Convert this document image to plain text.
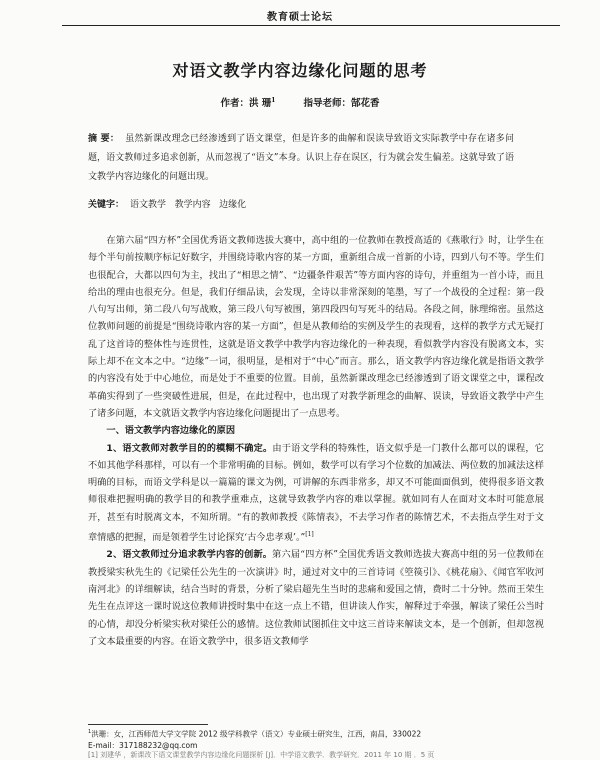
教育硕士论坛
对语文教学内容边缘化问题的思考
作者：洪 珊$^1$	指导老师：郜花香
摘 要： 虽然新课改理念已经渗透到了语文课堂，但是许多的曲解和误读导致语文实际教学中存在诸多问题，语文教师过多追求创新，从而忽视了“语文”本身。认识上存在误区，行为就会发生偏差。这就导致了语文教学内容边缘化的问题出现。
关键字： 语文教学   教学内容   边缘化

在第六届“四方杯”全国优秀语文教师选拔大赛中，高中组的一位教师在教授高适的《燕歌行》时，让学生在每个半句前按顺序标记好数字，并围绕诗歌内容的某一方面，重新组合成一首新的小诗，四到八句不等。学生们也很配合，大都以四句为主，找出了“相思之情”、“边疆条件艰苦”等方面内容的诗句，并重组为一首小诗，而且给出的理由也很充分。但是，我们仔细品读，会发现，全诗以非常深刻的笔墨，写了一个战役的全过程：第一段八句写出师，第二段八句写战败，第三段八句写被围，第四段四句写死斗的结局。各段之间，脉理绵密。虽然这位教师问题的前提是“围绕诗歌内容的某一方面”，但是从教师给的实例及学生的表现看，这样的教学方式无疑打乱了这首诗的整体性与连贯性，这就是语文教学中教学内容边缘化的一种表现，看似教学内容没有脱离文本，实际上却不在文本之中。“边缘”一词，很明显，是相对于“中心”而言。那么，语文教学内容边缘化就是指语文教学的内容没有处于中心地位，而是处于不重要的位置。目前，虽然新课改理念已经渗透到了语文课堂之中，课程改革确实得到了一些突破性进展，但是，在此过程中，也出现了对教学新理念的曲解、误读，导致语文教学中产生了诸多问题，本文就语文教学内容边缘化问题提出了一点思考。

一、语文教学内容边缘化的原因

1、语文教师对教学目的的模糊不确定。由于语文学科的特殊性，语文似乎是一门教什么都可以的课程，它不如其他学科那样，可以有一个非常明确的目标。例如，数学可以有学习个位数的加减法、两位数的加减法这样明确的目标，而语文学科是以一篇篇的课文为例，可讲解的东西非常多，却又不可能面面俱到，使得很多语文教师很难把握明确的教学目的和教学重难点，这就导致教学内容的难以掌握。就如同有人在面对文本时可能意展开，甚至有时脱离文本，不知所谓。“有的教师教授《陈情表》，不去学习作者的陈情艺术，不去指点学生对于文章情感的把握，而是领着学生讨论探究‘古今忠孝观’。”[1]

2、语文教师过分追求教学内容的创新。第六届“四方杯”全国优秀语文教师选拔大赛高中组的另一位教师在教授梁实秋先生的《记梁任公先生的一次演讲》时，通过对文中的三首诗词《箜篌引》、《桃花扇》、《闻官军收河南河北》的详细解读，结合当时的背景，分析了梁启超先生当时的悲痛和爱国之情，费时二十分钟。然而王荣生先生在点评这一课时说这位教师讲授时集中在这一点上不错，但讲读人作实，解释过于牵强，解读了梁任公当时的心情，却没分析梁实秋对梁任公的感情。这位教师试图抓住文中这三首诗来解读文本，是一个创新，但却忽视了文本最重要的内容。在语文教学中，很多语文教师学

$^1$洪珊：女，江西师范大学文学院 2012 级学科教学（语文）专业硕士研究生，江西，南昌，330022
E-mail：317188232@qq.com
[1] 刘建华 ，新课改下语文课堂教学内容边缘化问题探析 [J]．中学语文教学．教学研究．2011 年 10 期 ．5 页
